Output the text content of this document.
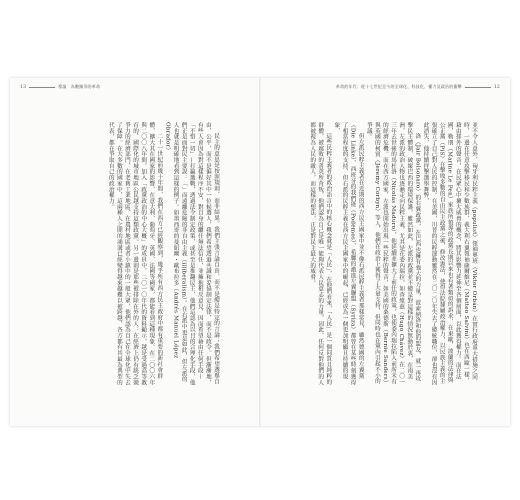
13	導論　為數據爭的革命	革命的年代：從十七世紀至今的全球化、科技化、權力及政治的衝擊	12

民主的意思是按照規則，而非結果。我們主張言論自由，而不是總是特定的言論；我們希望選舉自由，公平，而不是偏好其中一位候選人，我們希望透過共識和妥協制定法律，而不是政令。但漸漸地，有些人會因為對這樣程序不安，對自身的繼任無法信任，並擁抱相反意見，因而希望藉由任何手段—「不惜一切」—打贏選戰，透過法令制定政策，或甚至是推翻民主，他們這認為以目的合理化手段，他們正是面對民主要說：「」而遠離危險的非自由主義（illiberalism）。在右派中更是如此，但左派的人也就是明確地看到這樣的例子。如墨西哥的曼紐爾・歐布拉多（Andrés Manuel López Obrador）

二十一世紀前幾十年間，我們在西方已經觀察到，幾乎所有西方民主政府中都有重要的新社會群體，擴大其在國家的影響，在意大利、葡萄牙、英國、法國等國家，都能看到這種現象。在二〇〇六年與二〇〇八年間，加入「政黨政治的中心大概」的成員中，二〇一〇年代的資料顯示，越是受過高等教育的、國際化的城市地區公民越支持這類政黨。另一邊則是那些被排除在外的人：在經濟上仍有缺乏競爭力的經濟部門、在老舊工業地區、在農村地區或者小鎮中的一般大眾，他們認為自己在全球化中失去了保障。在大多數的國家中，這兩種人之間的鴻溝已經變得越來越難以被跨越，各方都有其最為典型的代表，都在爭取自己的政治權力。	並不令人意外，匈牙利民粹主義（populist）領袖奧班（Viktor Orbán）在實行政府重大措施之同時，一邊在任意攻擊移民和少數族群，義大利右翼領袖薩爾維尼（Matteo Salvini）也在西歐一樣，藉由排外的聲音，在民眾心中擴大威脅的概念，將其影響力延伸至各個層面，以此獲得權力。而在法國，勒朋（Marine Le Pen）家族所領導的政黨長期以來也有著類似的訴求，在東歐，波蘭的法律與公正黨（PiS）在擊敗多數的自由民主政黨之後，修改憲法，使得法院隸屬政治權力，以民族主義的主張確立了自己對人民的控制。在美國，川普的民粹運動雖然在二〇二〇年失去了總統職位，卻也沒有因此消失，他持續抨擊選舉舞弊，

洛（Jair Bolsonaro）的右翼政黨，在巴西也擁有強大的力量，波索納洛和他的盟友，就一再攻擊民主體制，破壞巴西的環境保護。雖然如此，左派的政黨並不總是對這樣的情況無動於衷，在南美洲，左派的政治人物也逐漸走向民粹主義，尤其是在委內瑞拉，如查維茲（Hugo Chávez）在二〇一三年去世後的馬杜洛（Nicolás Maduro），他延續並擴大了前任的政策，也使委內瑞拉陷入前所未有的經濟危機。而在西方國家，左派也開始出現一些民粹的聲音，如美國的桑德斯（Bernie Sanders）與英國的柯賓（Jeremy Corbyn）等人，他們在政治上獲得了大量支持，但同時也在黨內引起不小的爭議。

但左派民粹主義者在近期的西方民主國家中並不像右派民粹主義者那樣常見，雖然德國的左翼黨（Die Linke）、西班牙的我們能（Podemos）、希臘的激進左翼聯盟（Syriza）都曾在某些時刻獲得了相當程度的支持，但右派的民粹主義在西方民主國家中的崛起，已經成為一個更加明顯且持續的現象，

這些民粹主義者的政治語言中的核心概念就是「人民」，在他們看來，「人民」是一個同質且純粹的群體，被腐敗的菁英所背叛，他們認為自己是唯一能夠代表人民意志的力量，因此，任何反對他們的人都被視為人民的敵人，而這樣的想法，正是對民主最大的威脅。
